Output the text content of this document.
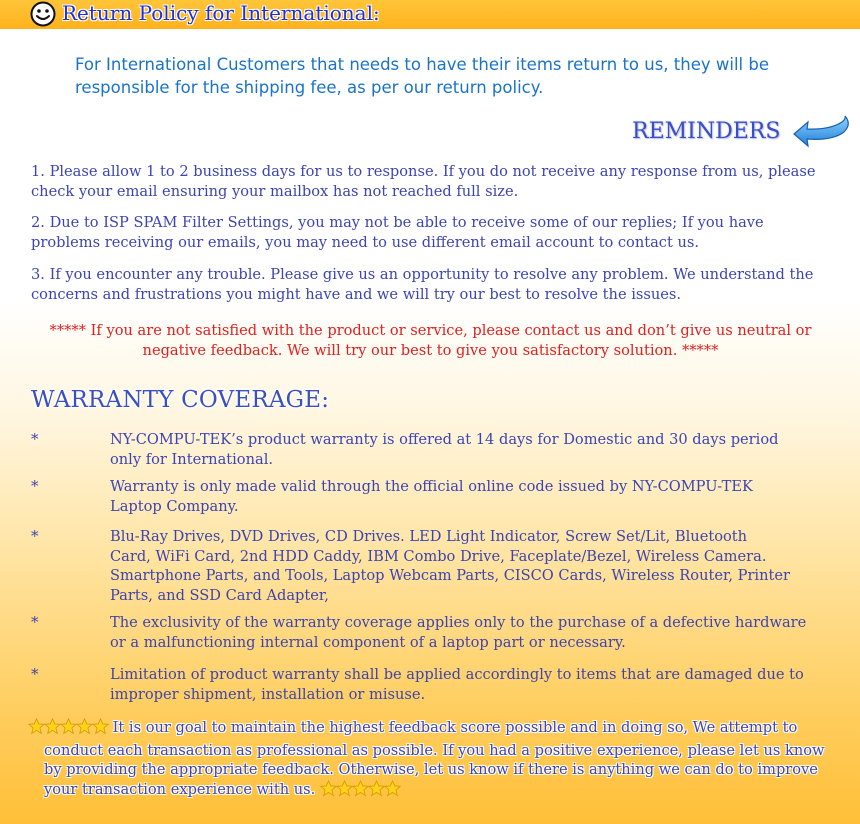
Return Policy for International:
For International Customers that needs to have their items return to us, they will be responsible for the shipping fee, as per our return policy.
REMINDERS
1. Please allow 1 to 2 business days for us to response. If you do not receive any response from us, please check your email ensuring your mailbox has not reached full size.
2. Due to ISP SPAM Filter Settings, you may not be able to receive some of our replies; If you have problems receiving our emails, you may need to use different email account to contact us.
3. If you encounter any trouble. Please give us an opportunity to resolve any problem. We understand the concerns and frustrations you might have and we will try our best to resolve the issues.
***** If you are not satisfied with the product or service, please contact us and don’t give us neutral or negative feedback. We will try our best to give you satisfactory solution. *****
WARRANTY COVERAGE:
*	NY-COMPU-TEK’s product warranty is offered at 14 days for Domestic and 30 days period only for International.
*	Warranty is only made valid through the official online code issued by NY-COMPU-TEK Laptop Company.
*	Blu-Ray Drives, DVD Drives, CD Drives. LED Light Indicator, Screw Set/Lit, Bluetooth Card, WiFi Card, 2nd HDD Caddy, IBM Combo Drive, Faceplate/Bezel, Wireless Camera. Smartphone Parts, and Tools, Laptop Webcam Parts, CISCO Cards, Wireless Router, Printer Parts, and SSD Card Adapter,
*	The exclusivity of the warranty coverage applies only to the purchase of a defective hardware or a malfunctioning internal component of a laptop part or necessary.
*	Limitation of product warranty shall be applied accordingly to items that are damaged due to improper shipment, installation or misuse.
It is our goal to maintain the highest feedback score possible and in doing so, We attempt to
conduct each transaction as professional as possible. If you had a positive experience, please let us know
by providing the appropriate feedback. Otherwise, let us know if there is anything we can do to improve
your transaction experience with us.
